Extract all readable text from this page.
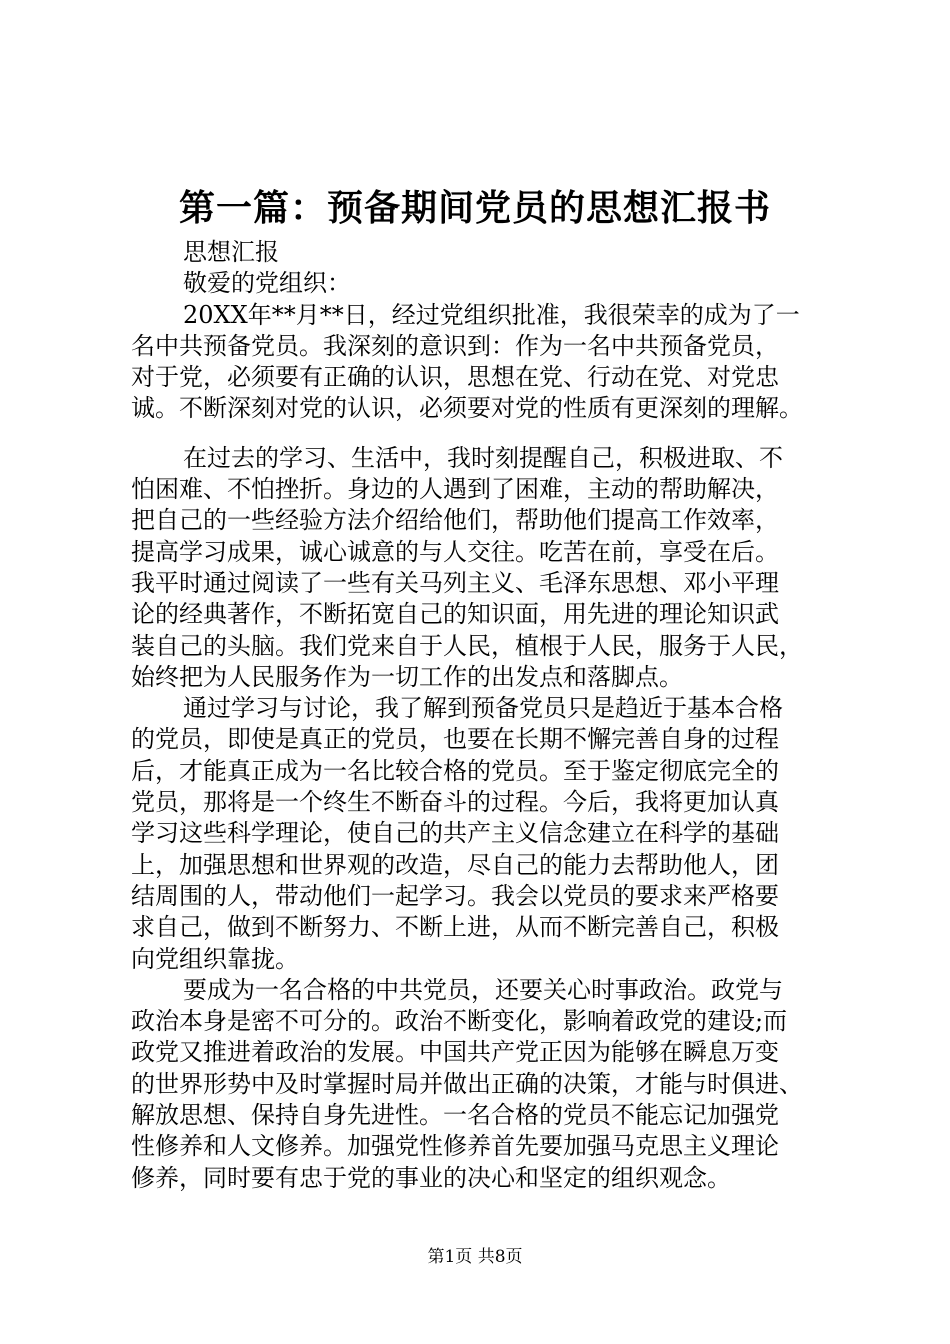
第一篇：预备期间党员的思想汇报书
思想汇报
敬爱的党组织：
20XX年**月**日，经过党组织批准，我很荣幸的成为了一
名中共预备党员。我深刻的意识到：作为一名中共预备党员，
对于党，必须要有正确的认识，思想在党、行动在党、对党忠
诚。不断深刻对党的认识，必须要对党的性质有更深刻的理解。
在过去的学习、生活中，我时刻提醒自己，积极进取、不
怕困难、不怕挫折。身边的人遇到了困难，主动的帮助解决，
把自己的一些经验方法介绍给他们，帮助他们提高工作效率，
提高学习成果，诚心诚意的与人交往。吃苦在前，享受在后。
我平时通过阅读了一些有关马列主义、毛泽东思想、邓小平理
论的经典著作，不断拓宽自己的知识面，用先进的理论知识武
装自己的头脑。我们党来自于人民，植根于人民，服务于人民，
始终把为人民服务作为一切工作的出发点和落脚点。
通过学习与讨论，我了解到预备党员只是趋近于基本合格
的党员，即使是真正的党员，也要在长期不懈完善自身的过程
后，才能真正成为一名比较合格的党员。至于鉴定彻底完全的
党员，那将是一个终生不断奋斗的过程。今后，我将更加认真
学习这些科学理论，使自己的共产主义信念建立在科学的基础
上，加强思想和世界观的改造，尽自己的能力去帮助他人，团
结周围的人，带动他们一起学习。我会以党员的要求来严格要
求自己，做到不断努力、不断上进，从而不断完善自己，积极
向党组织靠拢。
要成为一名合格的中共党员，还要关心时事政治。政党与
政治本身是密不可分的。政治不断变化，影响着政党的建设;而
政党又推进着政治的发展。中国共产党正因为能够在瞬息万变
的世界形势中及时掌握时局并做出正确的决策，才能与时俱进、
解放思想、保持自身先进性。一名合格的党员不能忘记加强党
性修养和人文修养。加强党性修养首先要加强马克思主义理论
修养，同时要有忠于党的事业的决心和坚定的组织观念。
第1页 共8页
